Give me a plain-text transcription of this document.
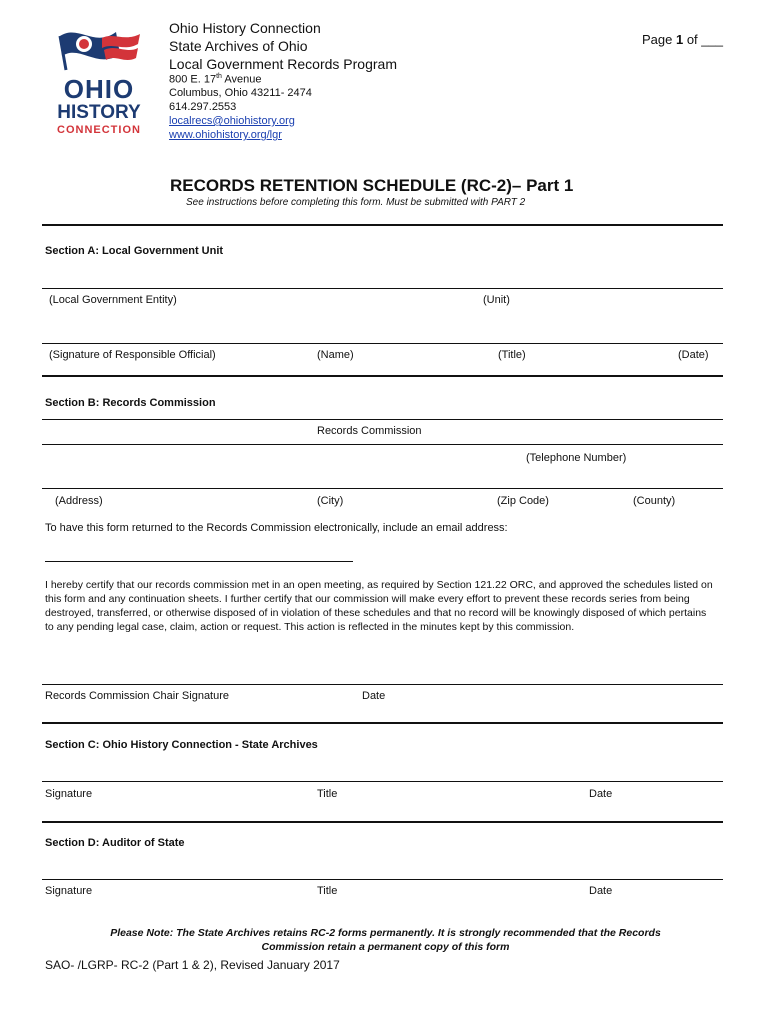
OHIO
HISTORY
CONNECTION
Ohio History Connection
State Archives of Ohio
Local Government Records Program
800 E. 17th Avenue
Columbus, Ohio 43211- 2474
614.297.2553
localrecs@ohiohistory.org
www.ohiohistory.org/lgr
Page 1 of ___
RECORDS RETENTION SCHEDULE (RC-2)– Part 1
See instructions before completing this form. Must be submitted with PART 2
Section A: Local Government Unit
(Local Government Entity)	(Unit)
(Signature of Responsible Official)	(Name)	(Title)	(Date)
Section B: Records Commission
Records Commission
(Telephone Number)
(Address)	(City)	(Zip Code)	(County)
To have this form returned to the Records Commission electronically, include an email address:
I hereby certify that our records commission met in an open meeting, as required by Section 121.22 ORC, and approved the schedules listed on this form and any continuation sheets. I further certify that our commission will make every effort to prevent these records series from being destroyed, transferred, or otherwise disposed of in violation of these schedules and that no record will be knowingly disposed of which pertains to any pending legal case, claim, action or request. This action is reflected in the minutes kept by this commission.
Records Commission Chair Signature	Date
Section C: Ohio History Connection - State Archives
Signature	Title	Date
Section D: Auditor of State
Signature	Title	Date
Please Note: The State Archives retains RC-2 forms permanently. It is strongly recommended that the Records
Commission retain a permanent copy of this form
SAO- /LGRP- RC-2 (Part 1 & 2), Revised January 2017
